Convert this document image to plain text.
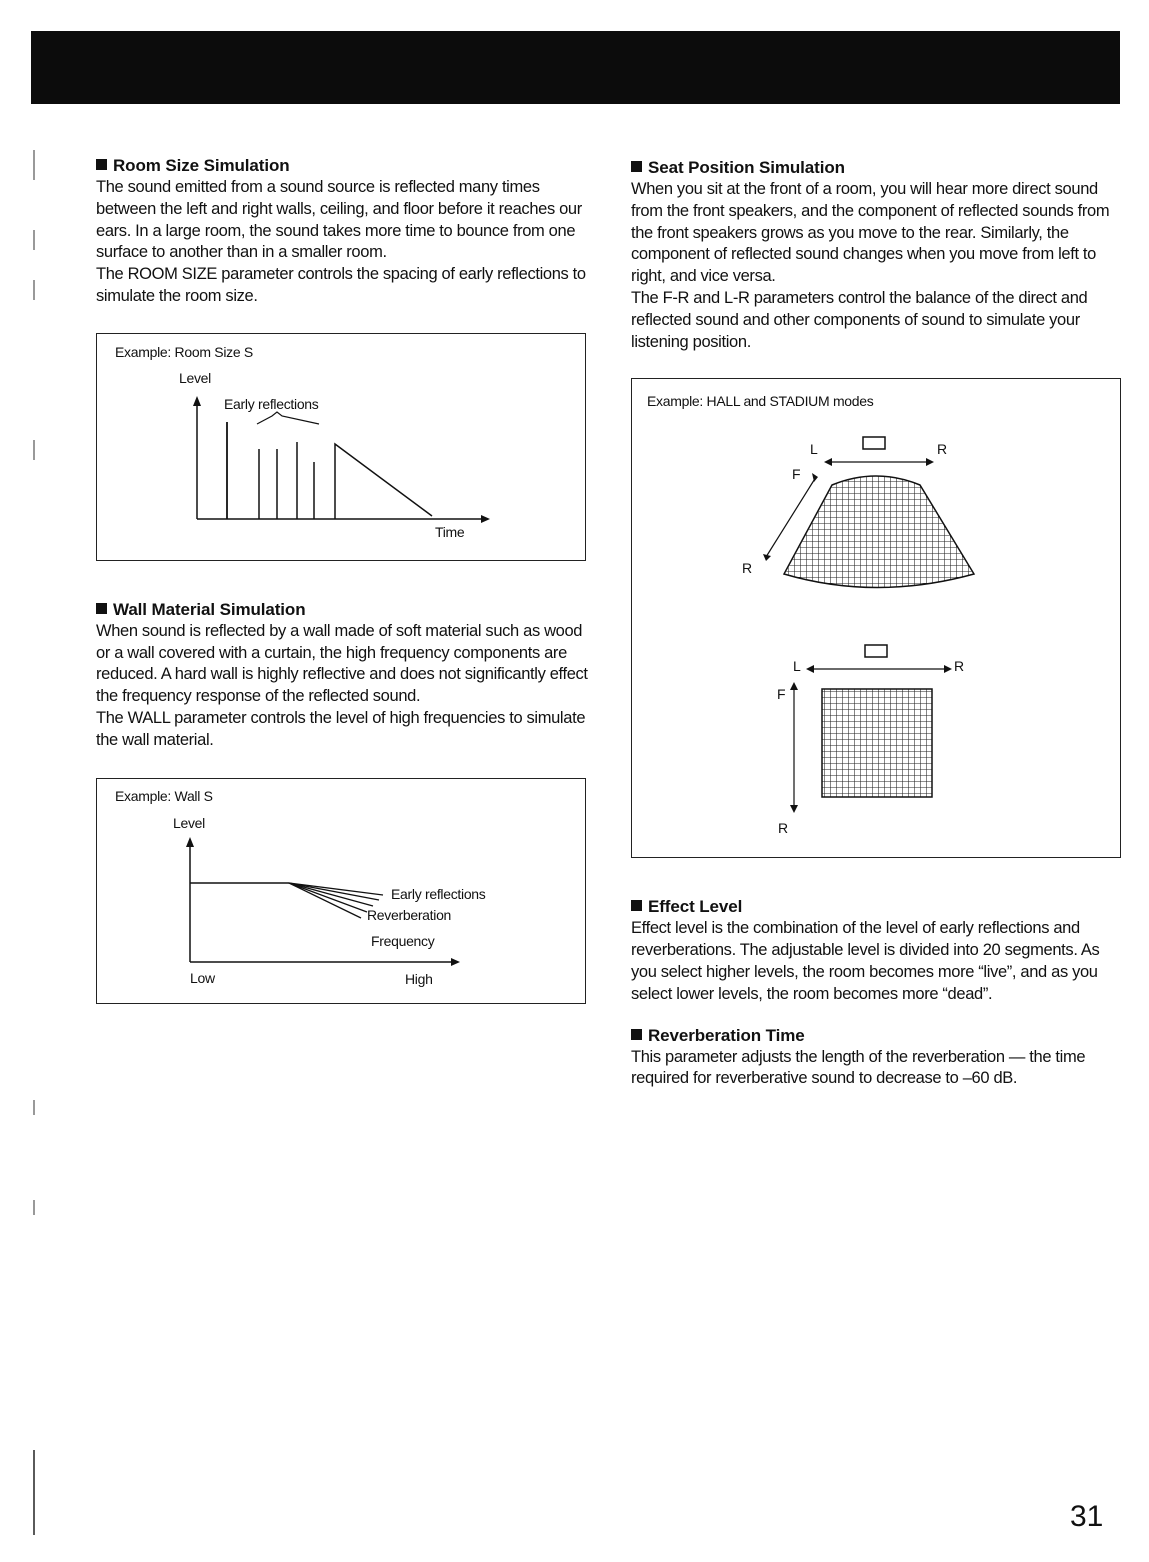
Room Size Simulation

The sound emitted from a sound source is reflected many times between the left and right walls, ceiling, and floor before it reaches our ears. In a large room, the sound takes more time to bounce from one surface to another than in a smaller room.

The ROOM SIZE parameter controls the spacing of early reflections to simulate the room size.

Example: Room Size S
Level
Early reflections
Time
Wall Material Simulation

When sound is reflected by a wall made of soft material such as wood or a wall covered with a curtain, the high frequency components are reduced. A hard wall is highly reflective and does not significantly effect the frequency response of the reflected sound.

The WALL parameter controls the level of high frequencies to simulate the wall material.

Example: Wall S
Level
Early reflections
Reverberation
Frequency
Low	High
Seat Position Simulation

When you sit at the front of a room, you will hear more direct sound from the front speakers, and the component of reflected sounds from the front speakers grows as you move to the rear. Similarly, the component of reflected sound changes when you move from left to right, and vice versa.

The F-R and L-R parameters control the balance of the direct and reflected sound and other components of sound to simulate your listening position.

Example: HALL and STADIUM modes
L	R
F
R
L	R
F
R
Effect Level

Effect level is the combination of the level of early reflections and reverberations. The adjustable level is divided into 20 segments. As you select higher levels, the room becomes more “live”, and as you select lower levels, the room becomes more “dead”.

Reverberation Time

This parameter adjusts the length of the reverberation — the time required for reverberative sound to decrease to –60 dB.

31
